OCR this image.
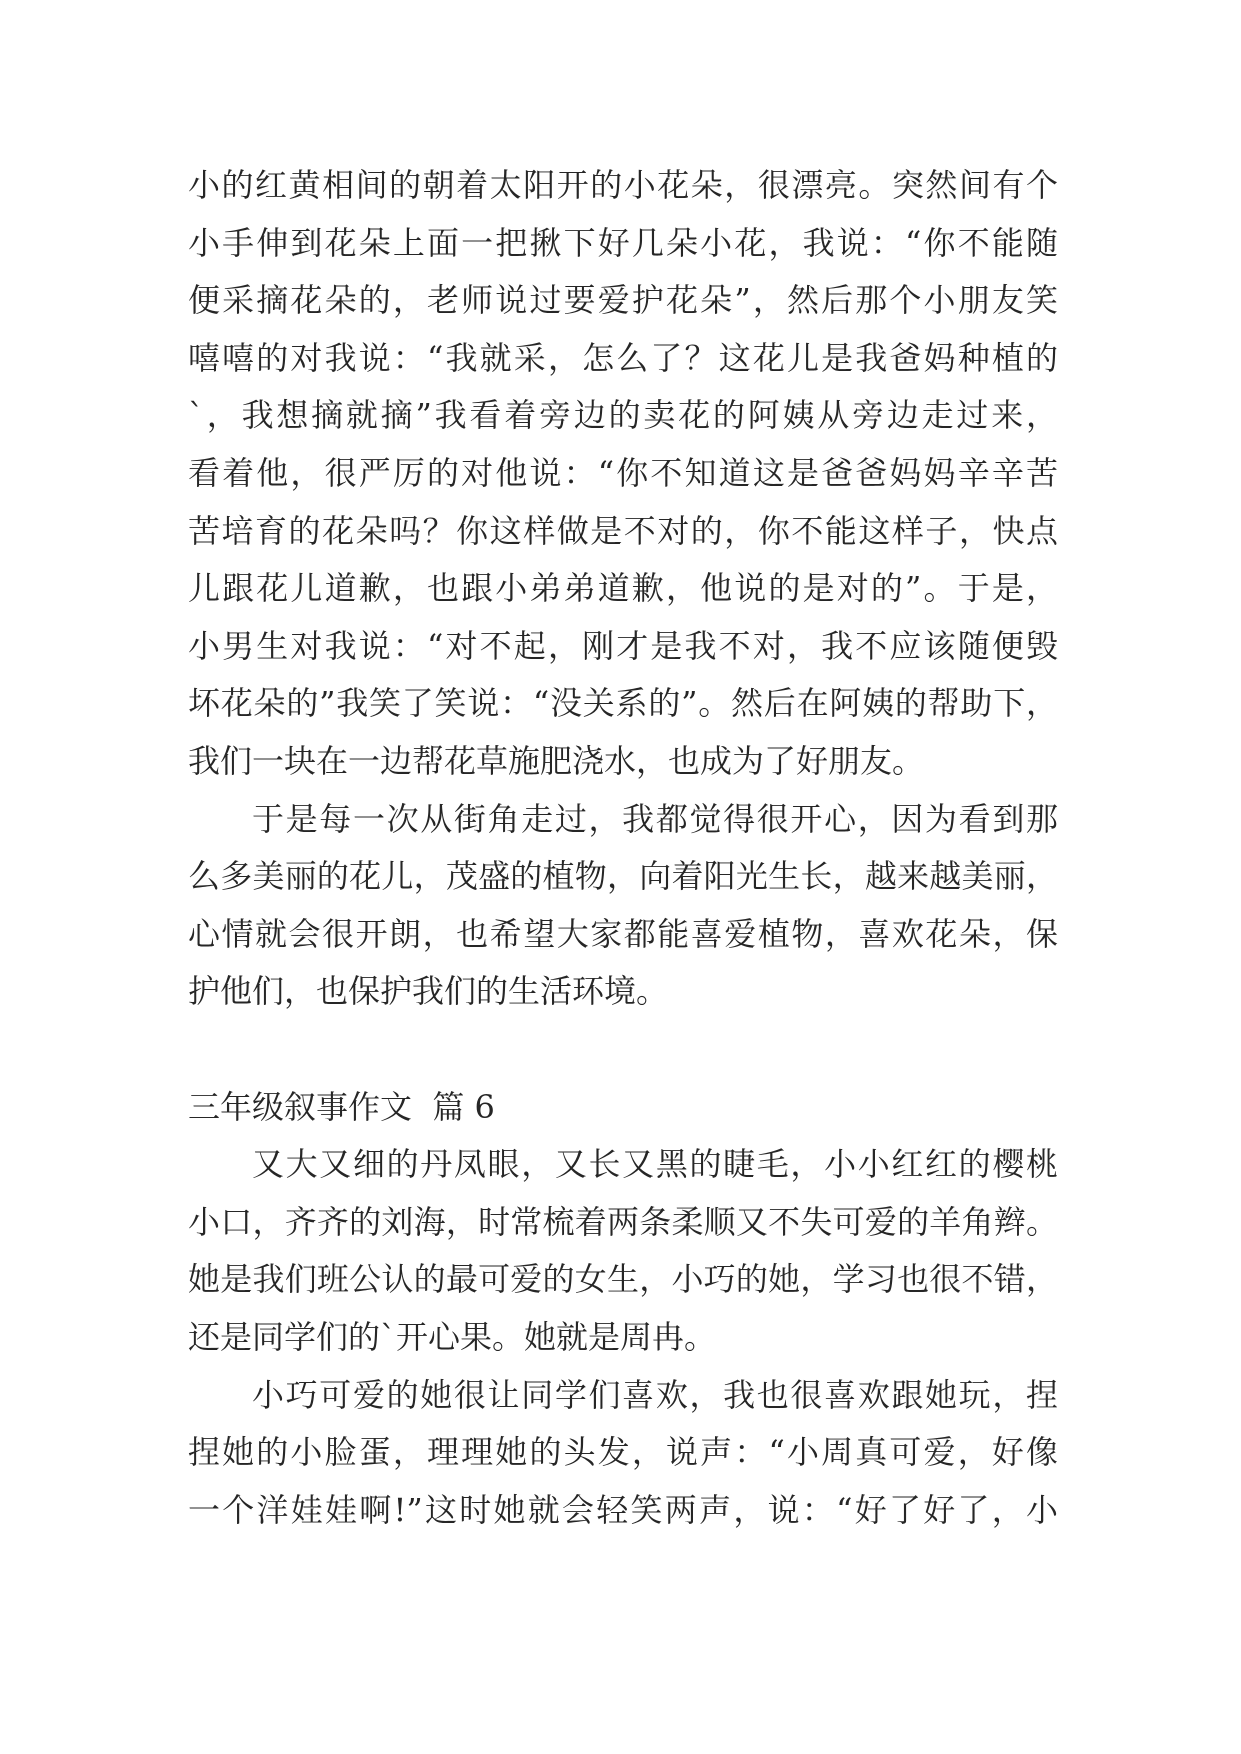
小的红黄相间的朝着太阳开的小花朵，很漂亮。突然间有个
小手伸到花朵上面一把揪下好几朵小花，我说：“你不能随
便采摘花朵的，老师说过要爱护花朵”，然后那个小朋友笑
嘻嘻的对我说：“我就采，怎么了？这花儿是我爸妈种植的
`，我想摘就摘”我看着旁边的卖花的阿姨从旁边走过来，
看着他，很严厉的对他说：“你不知道这是爸爸妈妈辛辛苦
苦培育的花朵吗？你这样做是不对的，你不能这样子，快点
儿跟花儿道歉，也跟小弟弟道歉，他说的是对的”。于是，
小男生对我说：“对不起，刚才是我不对，我不应该随便毁
坏花朵的”我笑了笑说：“没关系的”。然后在阿姨的帮助下，
我们一块在一边帮花草施肥浇水，也成为了好朋友。
于是每一次从街角走过，我都觉得很开心，因为看到那
么多美丽的花儿，茂盛的植物，向着阳光生长，越来越美丽，
心情就会很开朗，也希望大家都能喜爱植物，喜欢花朵，保
护他们，也保护我们的生活环境。
三年级叙事作文  篇 6
又大又细的丹凤眼，又长又黑的睫毛，小小红红的樱桃
小口，齐齐的刘海，时常梳着两条柔顺又不失可爱的羊角辫。
她是我们班公认的最可爱的女生，小巧的她，学习也很不错，
还是同学们的`开心果。她就是周冉。
小巧可爱的她很让同学们喜欢，我也很喜欢跟她玩，捏
捏她的小脸蛋，理理她的头发，说声：“小周真可爱，好像
一个洋娃娃啊!”这时她就会轻笑两声，说：“好了好了，小
